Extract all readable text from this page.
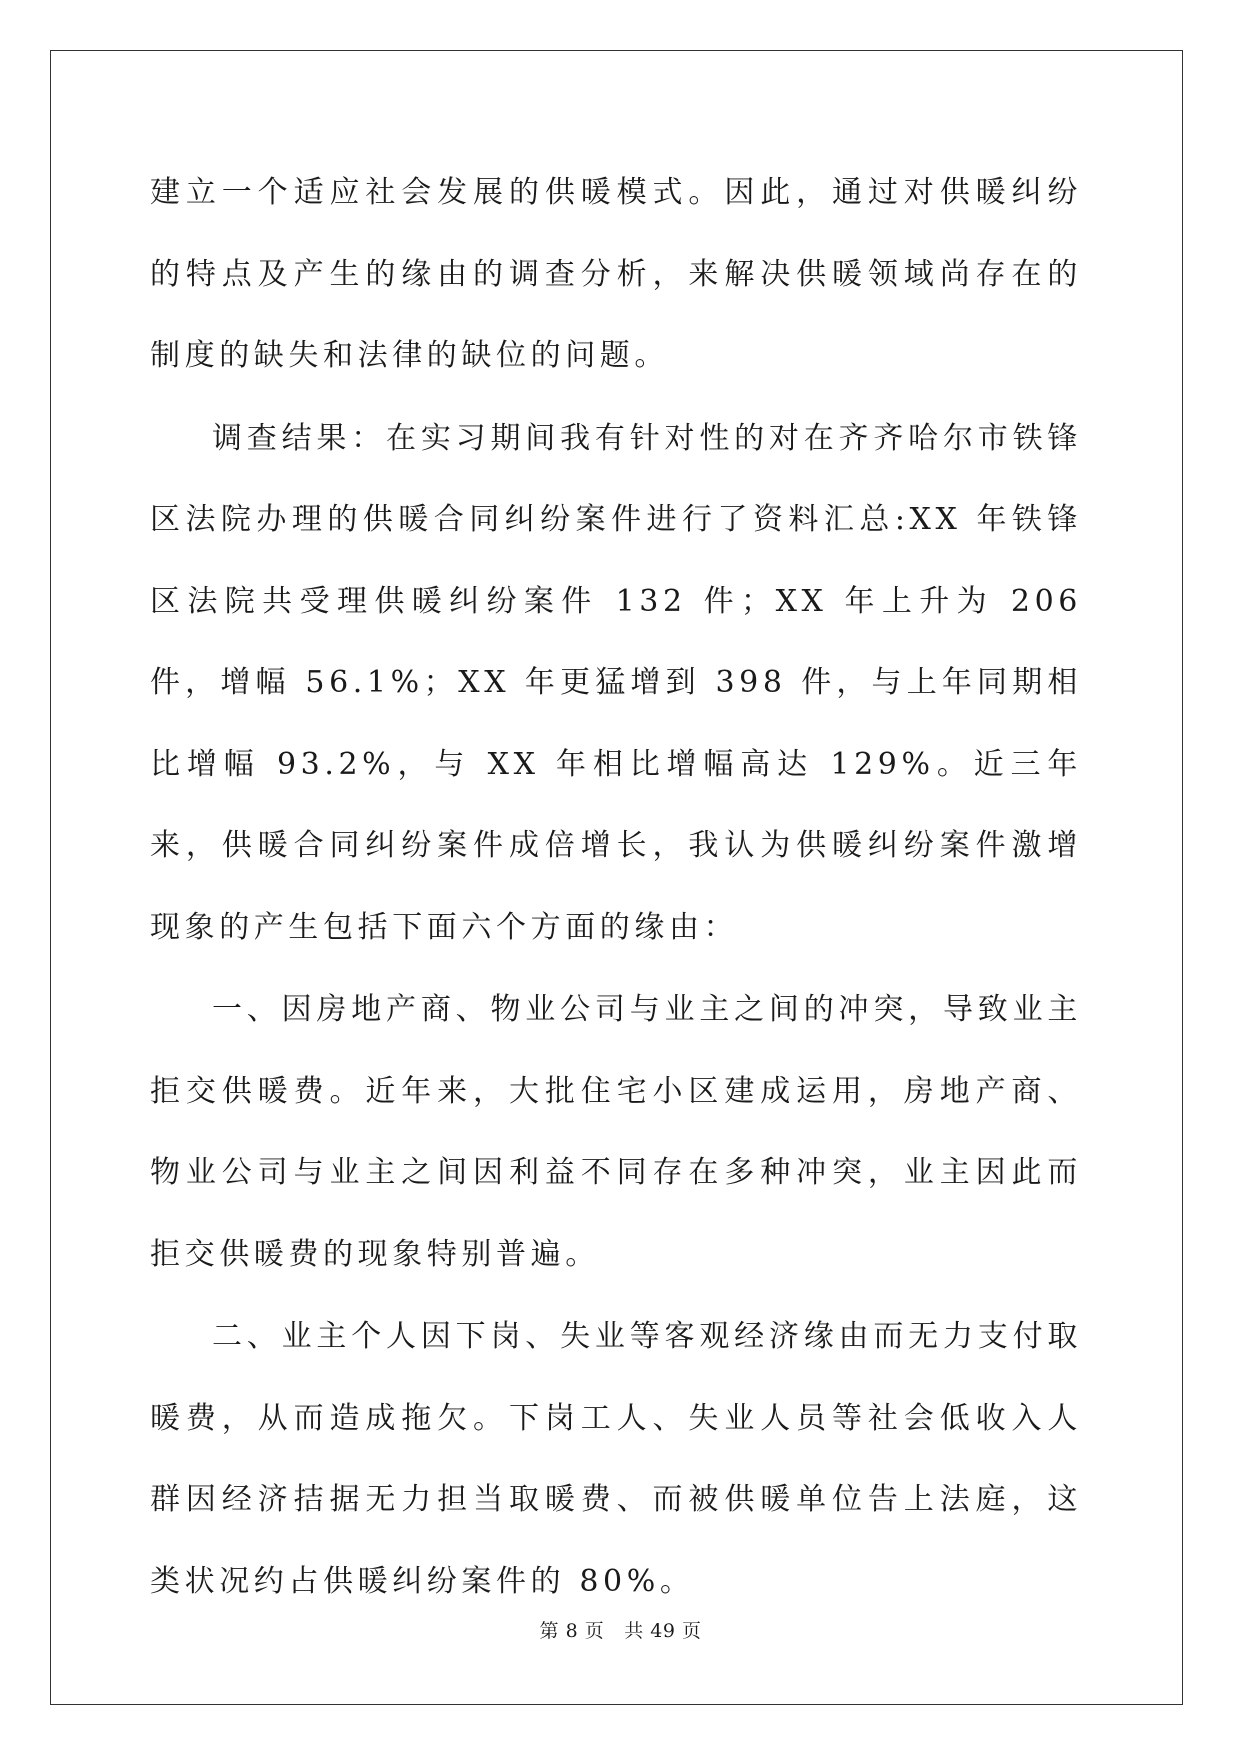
建立一个适应社会发展的供暖模式。因此，通过对供暖纠纷的特点及产生的缘由的调查分析，来解决供暖领域尚存在的制度的缺失和法律的缺位的问题。

调查结果：在实习期间我有针对性的对在齐齐哈尔市铁锋区法院办理的供暖合同纠纷案件进行了资料汇总:XX 年铁锋区法院共受理供暖纠纷案件 132 件；XX 年上升为 206 件，增幅 56.1%；XX 年更猛增到 398 件，与上年同期相比增幅 93.2%，与 XX 年相比增幅高达 129%。近三年来，供暖合同纠纷案件成倍增长，我认为供暖纠纷案件激增现象的产生包括下面六个方面的缘由：

一、因房地产商、物业公司与业主之间的冲突，导致业主拒交供暖费。近年来，大批住宅小区建成运用，房地产商、物业公司与业主之间因利益不同存在多种冲突，业主因此而拒交供暖费的现象特别普遍。

二、业主个人因下岗、失业等客观经济缘由而无力支付取暖费，从而造成拖欠。下岗工人、失业人员等社会低收入人群因经济拮据无力担当取暖费、而被供暖单位告上法庭，这类状况约占供暖纠纷案件的 80%。

第 8 页 共 49 页
